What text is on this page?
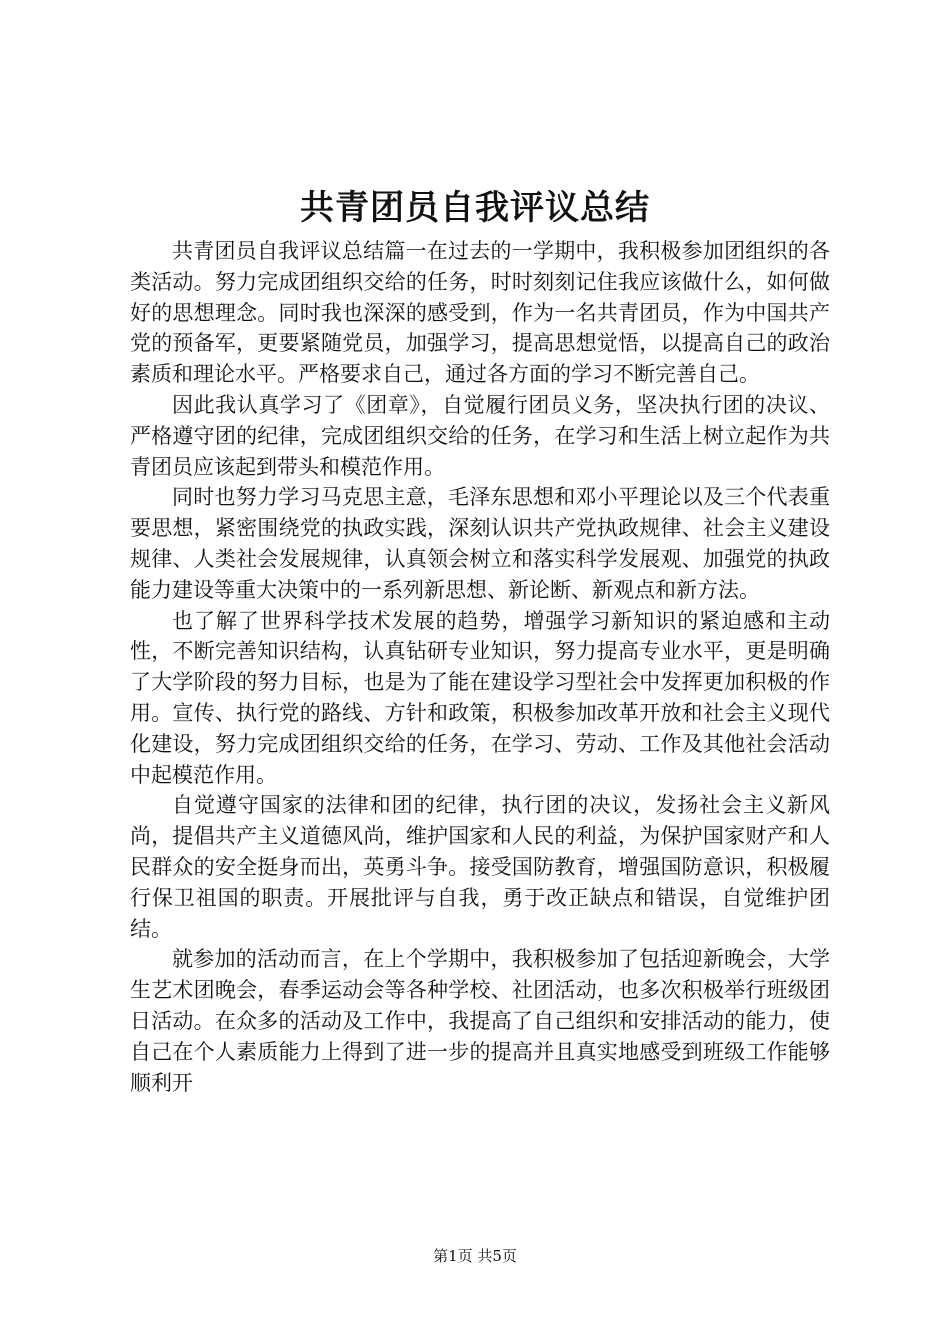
共青团员自我评议总结

共青团员自我评议总结篇一在过去的一学期中，我积极参加团组织的各类活动。努力完成团组织交给的任务，时时刻刻记住我应该做什么，如何做好的思想理念。同时我也深深的感受到，作为一名共青团员，作为中国共产党的预备军，更要紧随党员，加强学习，提高思想觉悟，以提高自己的政治素质和理论水平。严格要求自己，通过各方面的学习不断完善自己。

因此我认真学习了《团章》，自觉履行团员义务，坚决执行团的决议、严格遵守团的纪律，完成团组织交给的任务，在学习和生活上树立起作为共青团员应该起到带头和模范作用。

同时也努力学习马克思主意，毛泽东思想和邓小平理论以及三个代表重要思想，紧密围绕党的执政实践，深刻认识共产党执政规律、社会主义建设规律、人类社会发展规律，认真领会树立和落实科学发展观、加强党的执政能力建设等重大决策中的一系列新思想、新论断、新观点和新方法。

也了解了世界科学技术发展的趋势，增强学习新知识的紧迫感和主动性，不断完善知识结构，认真钻研专业知识，努力提高专业水平，更是明确了大学阶段的努力目标，也是为了能在建设学习型社会中发挥更加积极的作用。宣传、执行党的路线、方针和政策，积极参加改革开放和社会主义现代化建设，努力完成团组织交给的任务，在学习、劳动、工作及其他社会活动中起模范作用。

自觉遵守国家的法律和团的纪律，执行团的决议，发扬社会主义新风尚，提倡共产主义道德风尚，维护国家和人民的利益，为保护国家财产和人民群众的安全挺身而出，英勇斗争。接受国防教育，增强国防意识，积极履行保卫祖国的职责。开展批评与自我，勇于改正缺点和错误，自觉维护团结。

就参加的活动而言，在上个学期中，我积极参加了包括迎新晚会，大学生艺术团晚会，春季运动会等各种学校、社团活动，也多次积极举行班级团日活动。在众多的活动及工作中，我提高了自己组织和安排活动的能力，使自己在个人素质能力上得到了进一步的提高并且真实地感受到班级工作能够顺利开

第1页 共5页
